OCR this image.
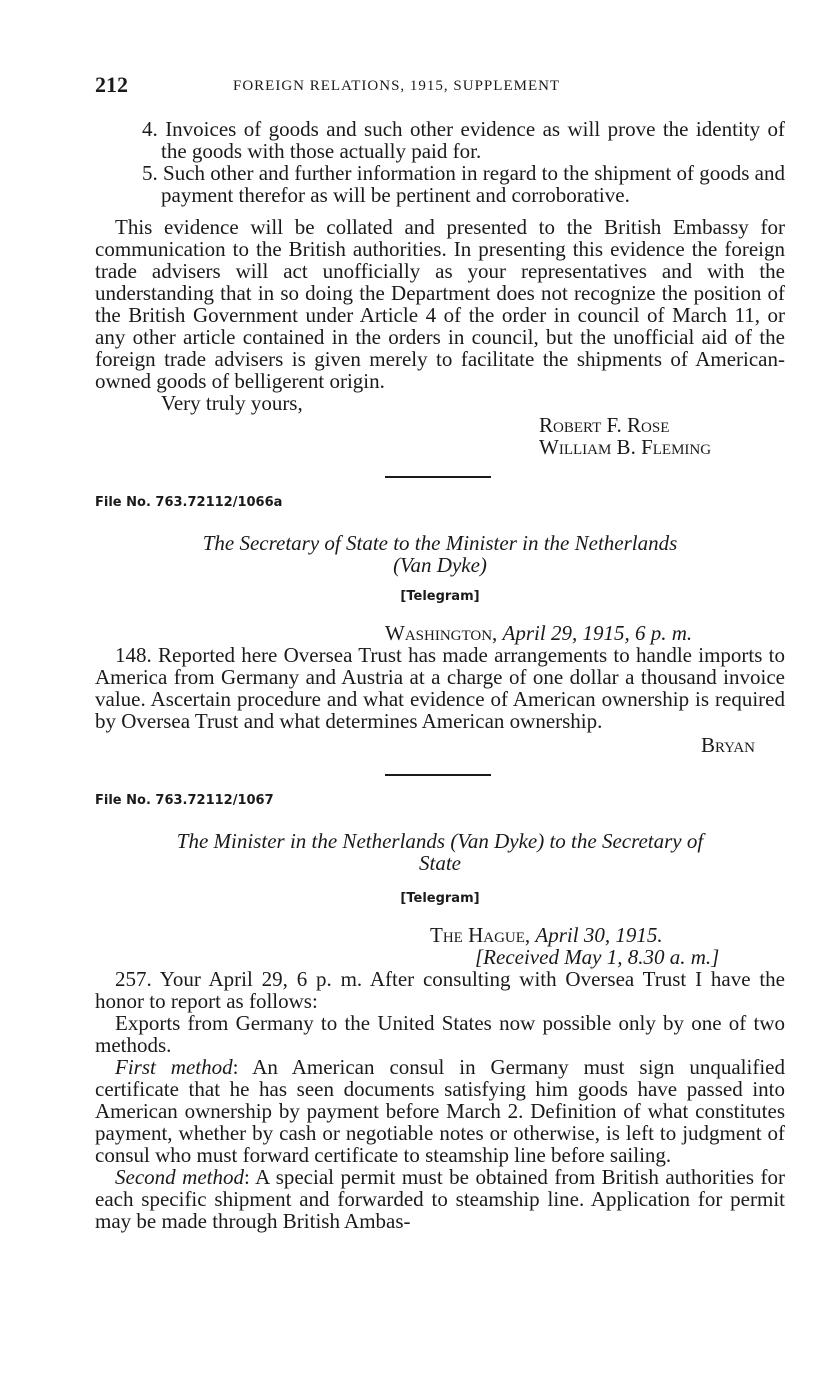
212	FOREIGN RELATIONS, 1915, SUPPLEMENT

4. Invoices of goods and such other evidence as will prove the identity of the goods with those actually paid for.

5. Such other and further information in regard to the shipment of goods and payment therefor as will be pertinent and corroborative.

This evidence will be collated and presented to the British Embassy for communication to the British authorities. In presenting this evidence the foreign trade advisers will act unofficially as your representatives and with the understanding that in so doing the Department does not recognize the position of the British Government under Article 4 of the order in council of March 11, or any other article contained in the orders in council, but the unofficial aid of the foreign trade advisers is given merely to facilitate the shipments of American-owned goods of belligerent origin.

Very truly yours,

Robert F. Rose

William B. Fleming

File No. 763.72112/1066a
The Secretary of State to the Minister in the Netherlands
(Van Dyke)
[Telegram]

Washington, April 29, 1915, 6 p. m.

148. Reported here Oversea Trust has made arrangements to handle imports to America from Germany and Austria at a charge of one dollar a thousand invoice value. Ascertain procedure and what evidence of American ownership is required by Oversea Trust and what determines American ownership.

Bryan

File No. 763.72112/1067
The Minister in the Netherlands (Van Dyke) to the Secretary of
State
[Telegram]

The Hague, April 30, 1915.

[Received May 1, 8.30 a. m.]

257. Your April 29, 6 p. m. After consulting with Oversea Trust I have the honor to report as follows:

Exports from Germany to the United States now possible only by one of two methods.

First method: An American consul in Germany must sign unqualified certificate that he has seen documents satisfying him goods have passed into American ownership by payment before March 2. Definition of what constitutes payment, whether by cash or negotiable notes or otherwise, is left to judgment of consul who must forward certificate to steamship line before sailing.

Second method: A special permit must be obtained from British authorities for each specific shipment and forwarded to steamship line. Application for permit may be made through British Ambas-
